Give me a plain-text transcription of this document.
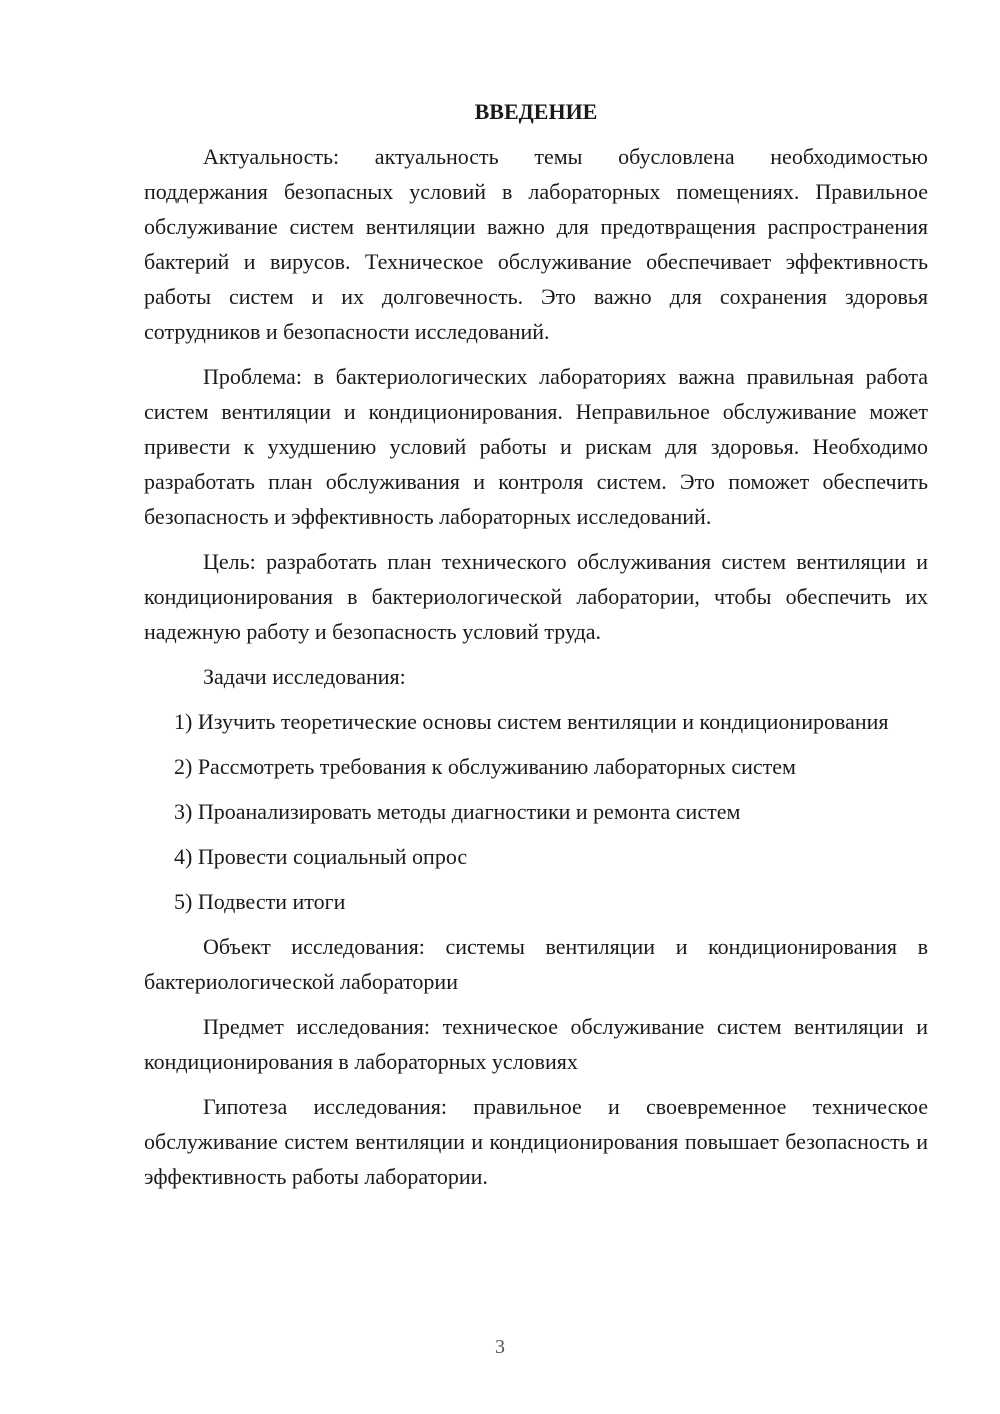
ВВЕДЕНИЕ

Актуальность: актуальность темы обусловлена необходимостью поддержания безопасных условий в лабораторных помещениях. Правильное обслуживание систем вентиляции важно для предотвращения распространения бактерий и вирусов. Техническое обслуживание обеспечивает эффективность работы систем и их долговечность. Это важно для сохранения здоровья сотрудников и безопасности исследований.

Проблема: в бактериологических лабораториях важна правильная работа систем вентиляции и кондиционирования. Неправильное обслуживание может привести к ухудшению условий работы и рискам для здоровья. Необходимо разработать план обслуживания и контроля систем. Это поможет обеспечить безопасность и эффективность лабораторных исследований.

Цель: разработать план технического обслуживания систем вентиляции и кондиционирования в бактериологической лаборатории, чтобы обеспечить их надежную работу и безопасность условий труда.

Задачи исследования:

1) Изучить теоретические основы систем вентиляции и кондиционирования

2) Рассмотреть требования к обслуживанию лабораторных систем

3) Проанализировать методы диагностики и ремонта систем

4) Провести социальный опрос

5) Подвести итоги

Объект исследования: системы вентиляции и кондиционирования в бактериологической лаборатории

Предмет исследования: техническое обслуживание систем вентиляции и кондиционирования в лабораторных условиях

Гипотеза исследования: правильное и своевременное техническое обслуживание систем вентиляции и кондиционирования повышает безопасность и эффективность работы лаборатории.

3
